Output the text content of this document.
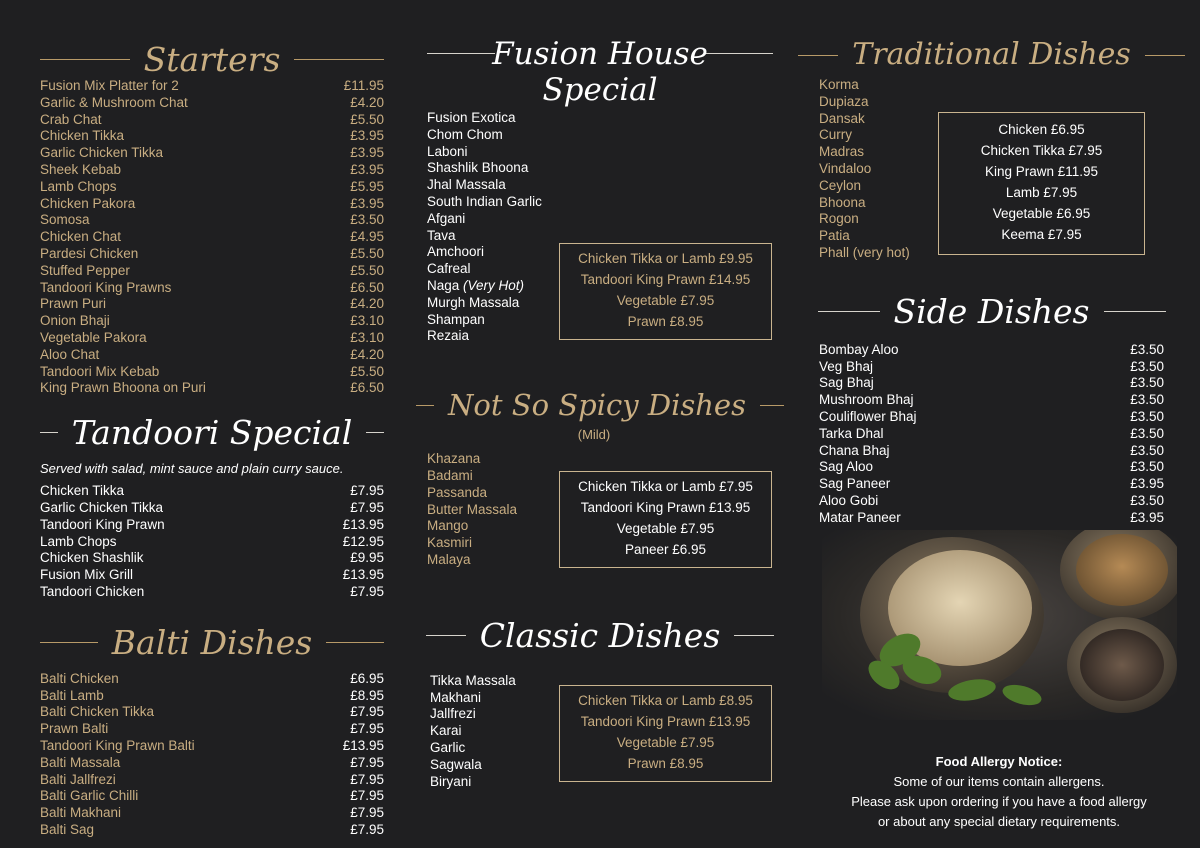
Starters
Fusion Mix Platter for 2	£11.95
Garlic & Mushroom Chat	£4.20
Crab Chat	£5.50
Chicken Tikka	£3.95
Garlic Chicken Tikka	£3.95
Sheek Kebab	£3.95
Lamb Chops	£5.95
Chicken Pakora	£3.95
Somosa	£3.50
Chicken Chat	£4.95
Pardesi Chicken	£5.50
Stuffed Pepper	£5.50
Tandoori King Prawns	£6.50
Prawn Puri	£4.20
Onion Bhaji	£3.10
Vegetable Pakora	£3.10
Aloo Chat	£4.20
Tandoori Mix Kebab	£5.50
King Prawn Bhoona on Puri	£6.50
Tandoori Special
Served with salad, mint sauce and plain curry sauce.
Chicken Tikka	£7.95
Garlic Chicken Tikka	£7.95
Tandoori King Prawn	£13.95
Lamb Chops	£12.95
Chicken Shashlik	£9.95
Fusion Mix Grill	£13.95
Tandoori Chicken	£7.95
Balti Dishes
Balti Chicken	£6.95
Balti Lamb	£8.95
Balti Chicken Tikka	£7.95
Prawn Balti	£7.95
Tandoori King Prawn Balti	£13.95
Balti Massala	£7.95
Balti Jallfrezi	£7.95
Balti Garlic Chilli	£7.95
Balti Makhani	£7.95
Balti Sag	£7.95
Fusion House
Special
Fusion Exotica
Chom Chom
Laboni
Shashlik Bhoona
Jhal Massala
South Indian Garlic
Afgani
Tava
Amchoori
Cafreal
Naga (Very Hot)
Murgh Massala
Shampan
Rezaia
Not So Spicy Dishes
(Mild)
Khazana
Badami
Passanda
Butter Massala
Mango
Kasmiri
Malaya
Classic Dishes
Tikka Massala
Makhani
Jallfrezi
Karai
Garlic
Sagwala
Biryani
Chicken Tikka or Lamb £9.95
Tandoori King Prawn £14.95
Vegetable £7.95
Prawn £8.95
Chicken Tikka or Lamb £7.95
Tandoori King Prawn £13.95
Vegetable £7.95
Paneer £6.95
Chicken Tikka or Lamb £8.95
Tandoori King Prawn £13.95
Vegetable £7.95
Prawn £8.95
Traditional Dishes
Korma
Dupiaza
Dansak
Curry
Madras
Vindaloo
Ceylon
Bhoona
Rogon
Patia
Phall (very hot)
Side Dishes
Bombay Aloo	£3.50
Veg Bhaj	£3.50
Sag Bhaj	£3.50
Mushroom Bhaj	£3.50
Couliflower Bhaj	£3.50
Tarka Dhal	£3.50
Chana Bhaj	£3.50
Sag Aloo	£3.50
Sag Paneer	£3.95
Aloo Gobi	£3.50
Matar Paneer	£3.95
Chicken £6.95
Chicken Tikka £7.95
King Prawn £11.95
Lamb £7.95
Vegetable £6.95
Keema £7.95
Food Allergy Notice:
Some of our items contain allergens.
Please ask upon ordering if you have a food allergy
or about any special dietary requirements.
